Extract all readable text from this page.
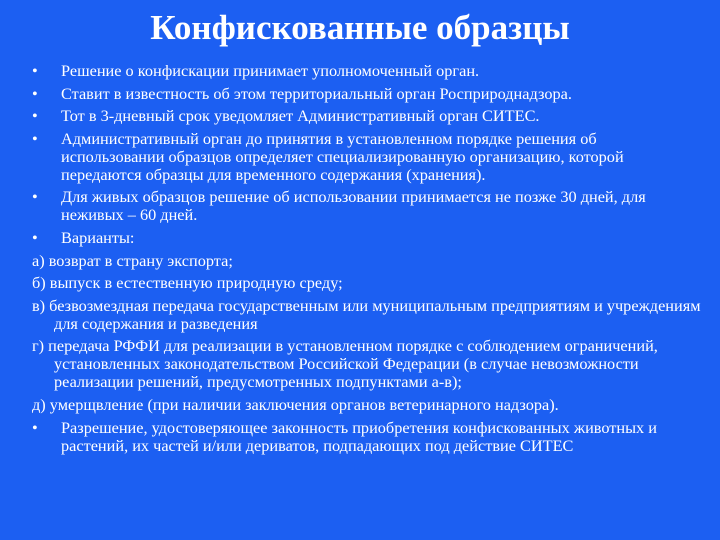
Конфискованные образцы
• Решение о конфискации принимает уполномоченный орган.
• Ставит в известность об этом территориальный орган Росприроднадзора.
• Тот в 3-дневный срок уведомляет Административный орган СИТЕС.
• Административный орган до принятия в установленном порядке решения об использовании образцов определяет специализированную организацию, которой передаются образцы для временного содержания (хранения).
• Для живых образцов решение об использовании принимается не позже 30 дней, для неживых – 60 дней.
• Варианты:
а) возврат в страну экспорта;
б) выпуск в естественную природную среду;
в) безвозмездная передача государственным или муниципальным предприятиям и учреждениям для содержания и разведения
г) передача РФФИ для реализации в установленном порядке с соблюдением ограничений, установленных законодательством Российской Федерации (в случае невозможности реализации решений, предусмотренных подпунктами а-в);
д) умерщвление (при наличии заключения органов ветеринарного надзора).
• Разрешение, удостоверяющее законность приобретения конфискованных животных и растений, их частей и/или дериватов, подпадающих под действие СИТЕС
